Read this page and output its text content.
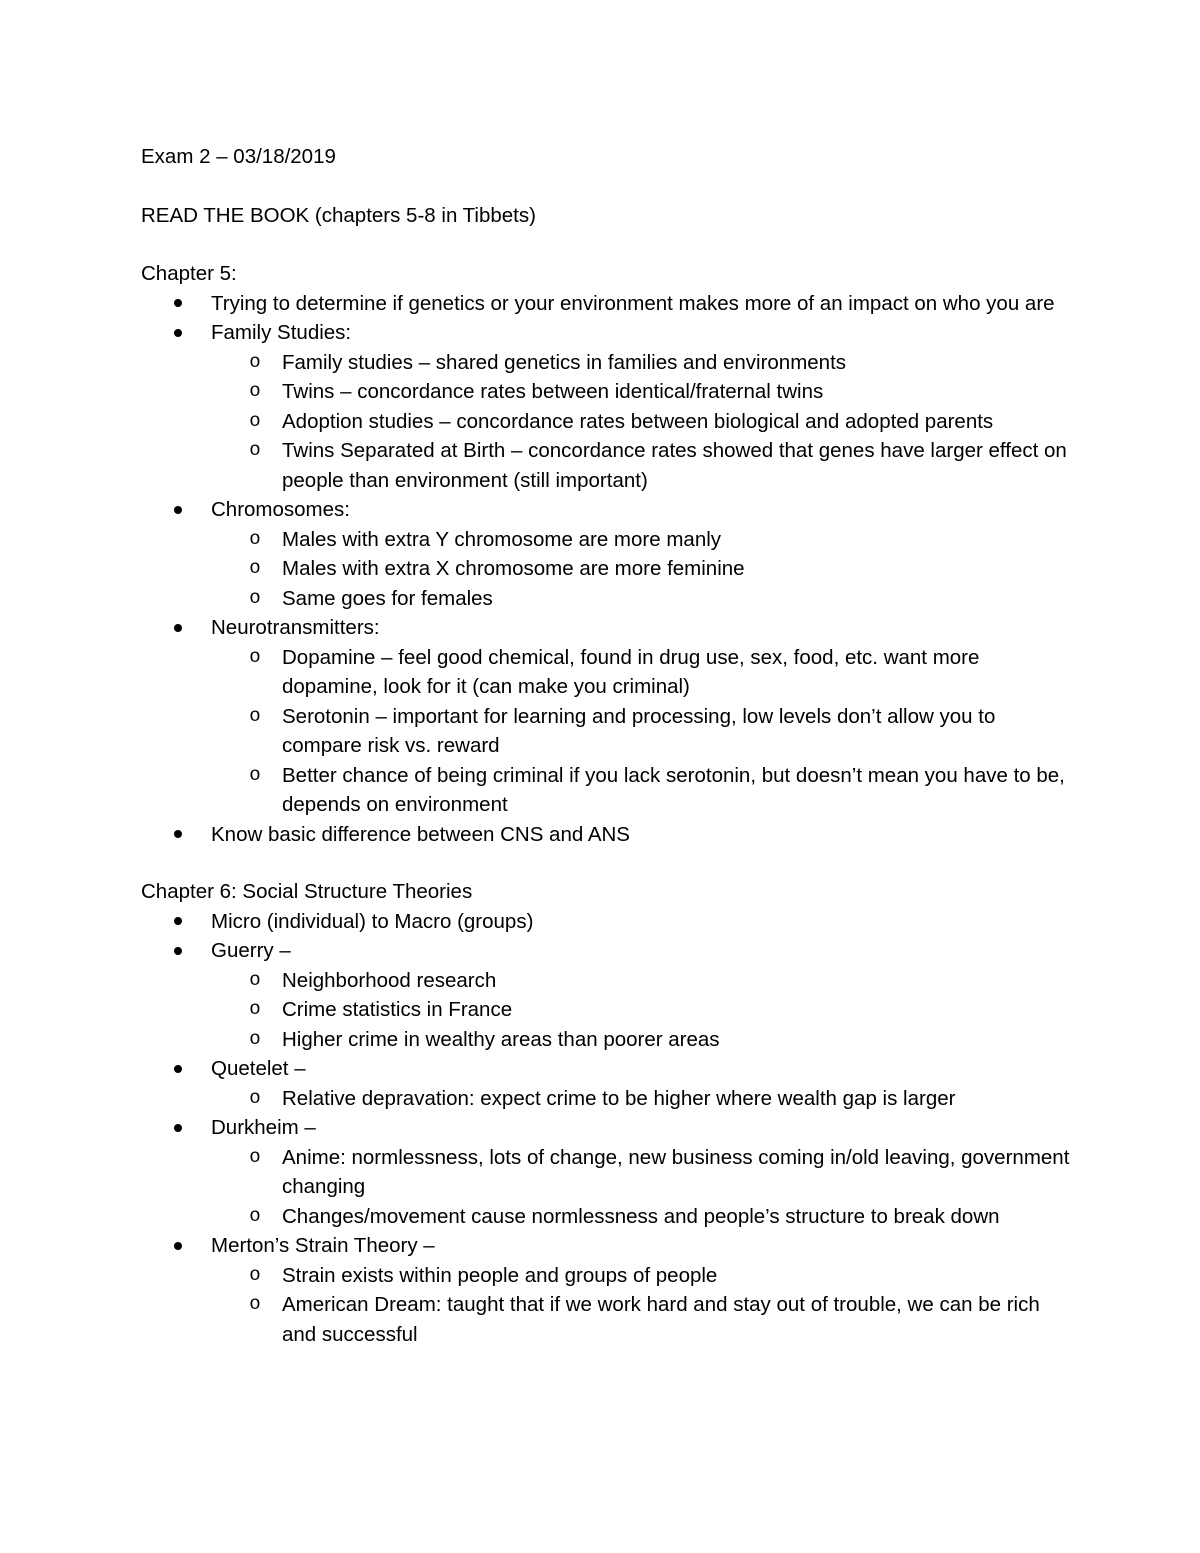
Exam 2 – 03/18/2019

READ THE BOOK (chapters 5-8 in Tibbets)

Chapter 5:

Trying to determine if genetics or your environment makes more of an impact on who you are
Family Studies:
o Family studies – shared genetics in families and environments
o Twins – concordance rates between identical/fraternal twins
o Adoption studies – concordance rates between biological and adopted parents
o Twins Separated at Birth – concordance rates showed that genes have larger effect on people than environment (still important)
Chromosomes:
o Males with extra Y chromosome are more manly
o Males with extra X chromosome are more feminine
o Same goes for females
Neurotransmitters:
o Dopamine – feel good chemical, found in drug use, sex, food, etc. want more dopamine, look for it (can make you criminal)
o Serotonin – important for learning and processing, low levels don’t allow you to compare risk vs. reward
o Better chance of being criminal if you lack serotonin, but doesn’t mean you have to be, depends on environment
Know basic difference between CNS and ANS

Chapter 6: Social Structure Theories

Micro (individual) to Macro (groups)
Guerry –
o Neighborhood research
o Crime statistics in France
o Higher crime in wealthy areas than poorer areas
Quetelet –
o Relative depravation: expect crime to be higher where wealth gap is larger
Durkheim –
o Anime: normlessness, lots of change, new business coming in/old leaving, government changing
o Changes/movement cause normlessness and people’s structure to break down
Merton’s Strain Theory –
o Strain exists within people and groups of people
o American Dream: taught that if we work hard and stay out of trouble, we can be rich and successful
